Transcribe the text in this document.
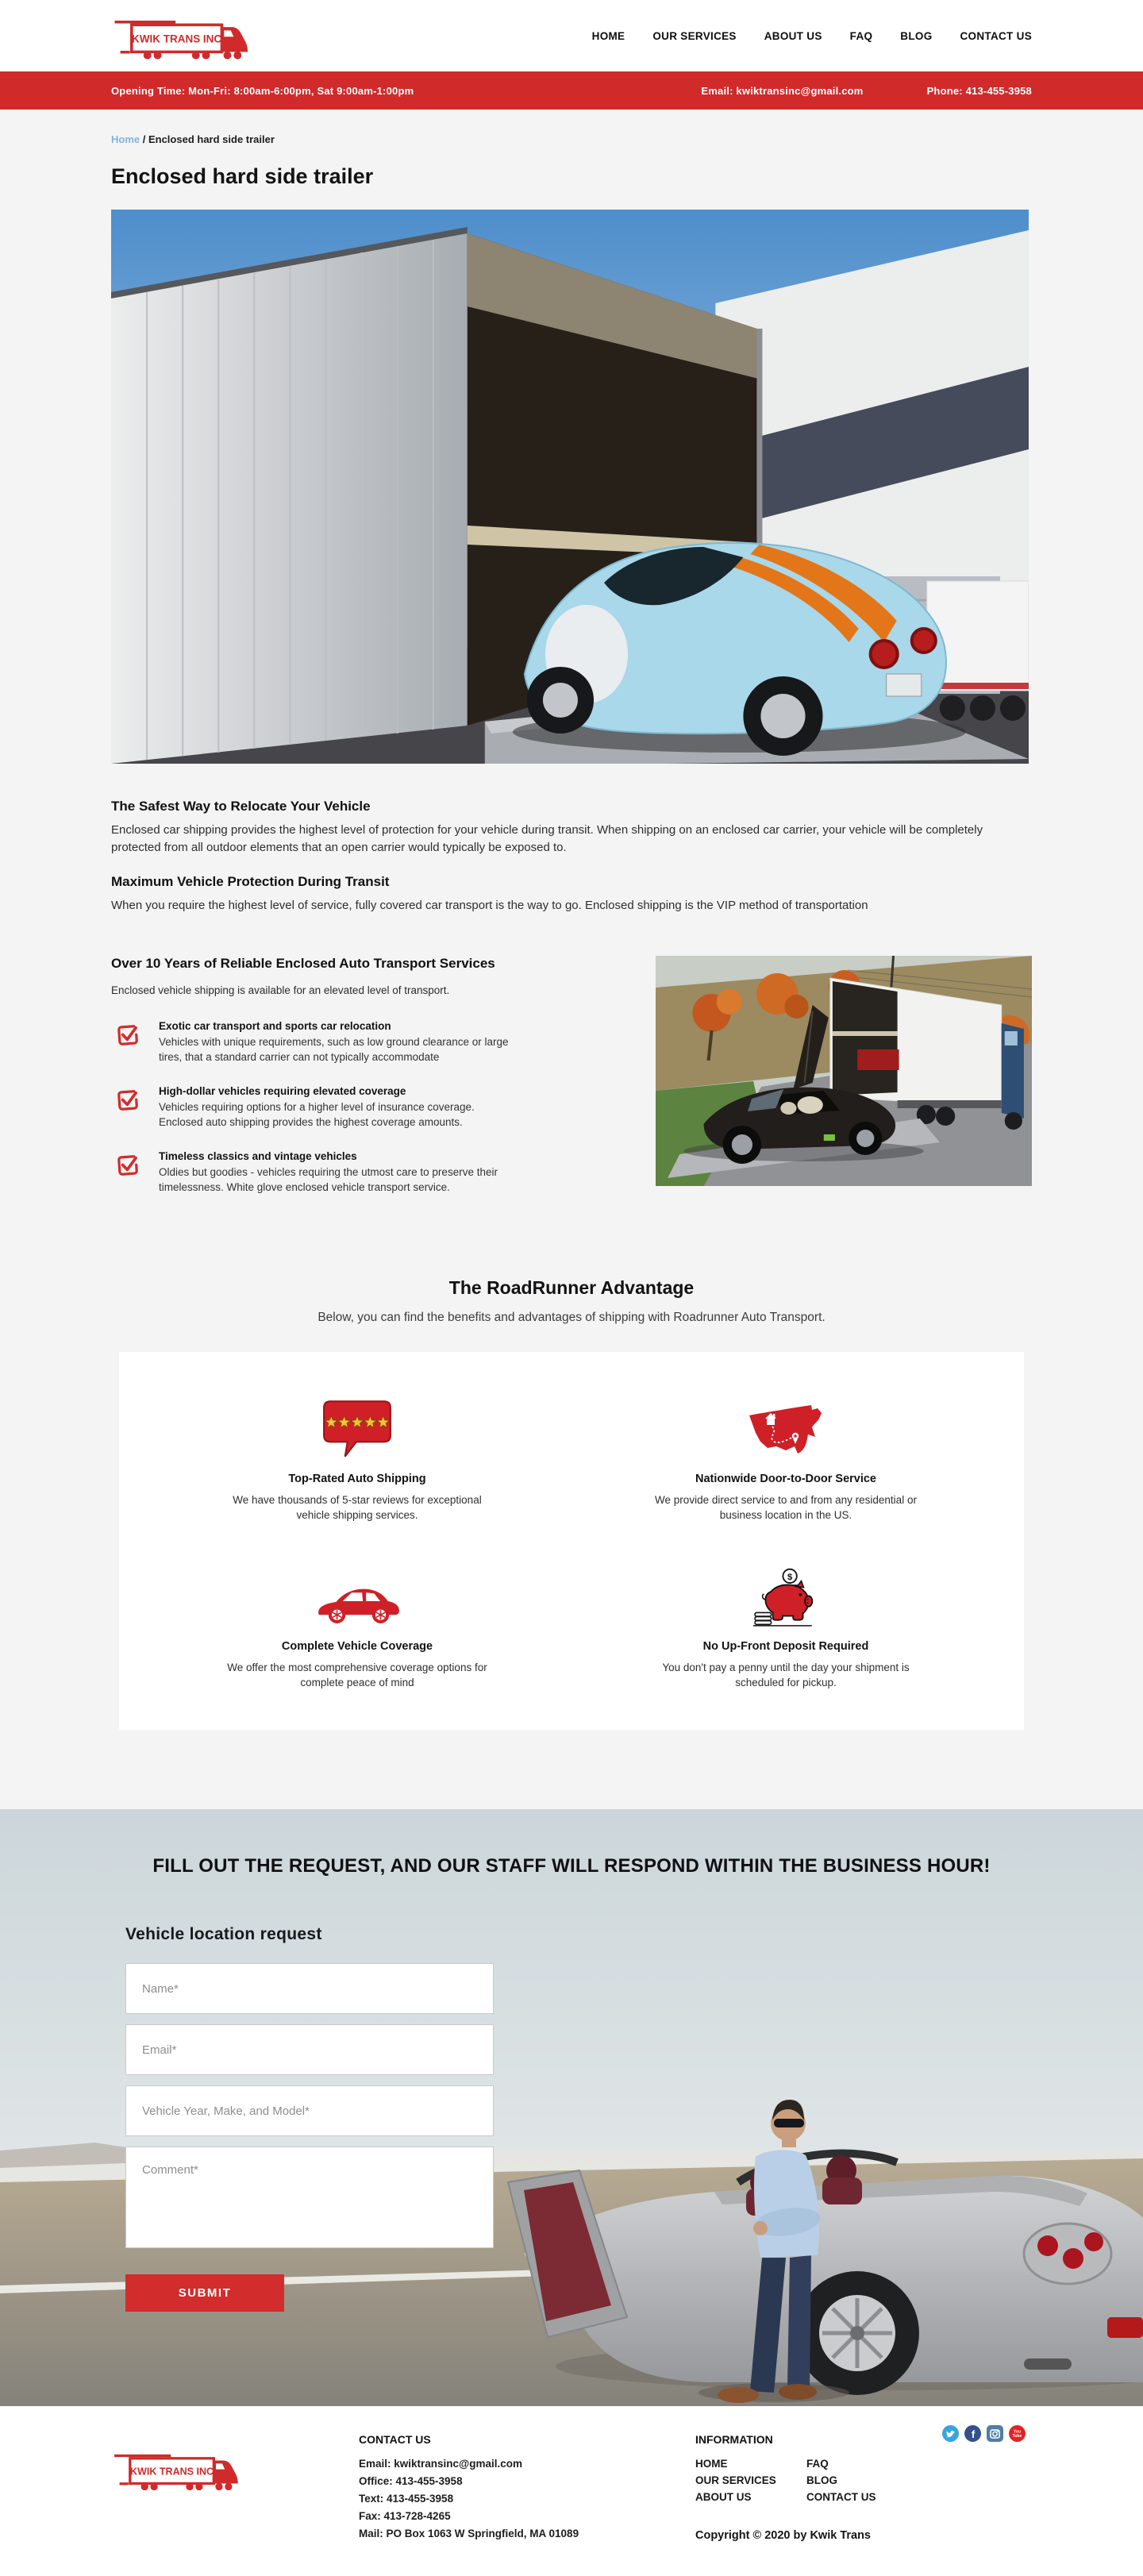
KWIK TRANS INC	HOME	OUR SERVICES	ABOUT US	FAQ	BLOG	CONTACT US
Opening Time: Mon-Fri: 8:00am-6:00pm, Sat 9:00am-1:00pm	Email: kwiktransinc@gmail.com	Phone: 413-455-3958
Home / Enclosed hard side trailer
Enclosed hard side trailer
The Safest Way to Relocate Your Vehicle

Enclosed car shipping provides the highest level of protection for your vehicle during transit. When shipping on an enclosed car carrier, your vehicle will be completely protected from all outdoor elements that an open carrier would typically be exposed to.

Maximum Vehicle Protection During Transit

When you require the highest level of service, fully covered car transport is the way to go. Enclosed shipping is the VIP method of transportation

Over 10 Years of Reliable Enclosed Auto Transport Services
Enclosed vehicle shipping is available for an elevated level of transport.
Exotic car transport and sports car relocation
Vehicles with unique requirements, such as low ground clearance or large tires, that a standard carrier can not typically accommodate
High-dollar vehicles requiring elevated coverage
Vehicles requiring options for a higher level of insurance coverage. Enclosed auto shipping provides the highest coverage amounts.
Timeless classics and vintage vehicles
Oldies but goodies - vehicles requiring the utmost care to preserve their timelessness. White glove enclosed vehicle transport service.
The RoadRunner Advantage
Below, you can find the benefits and advantages of shipping with Roadrunner Auto Transport.
Top-Rated Auto Shipping
We have thousands of 5-star reviews for exceptional vehicle shipping services.
Nationwide Door-to-Door Service
We provide direct service to and from any residential or business location in the US.
Complete Vehicle Coverage
We offer the most comprehensive coverage options for complete peace of mind
$
No Up-Front Deposit Required
You don't pay a penny until the day your shipment is scheduled for pickup.
FILL OUT THE REQUEST, AND OUR STAFF WILL RESPOND WITHIN THE BUSINESS HOUR!
Vehicle location request
Name*
Email*
Vehicle Year, Make, and Model*
Comment*
SUBMIT
KWIK TRANS INC
CONTACT US
Email: kwiktransinc@gmail.com
Office: 413-455-3958
Text: 413-455-3958
Fax: 413-728-4265
Mail: PO Box 1063 W Springfield, MA 01089
INFORMATION
HOME	FAQ
OUR SERVICES	BLOG
ABOUT US	CONTACT US
Copyright © 2020 by Kwik Trans
f	You
Tube
